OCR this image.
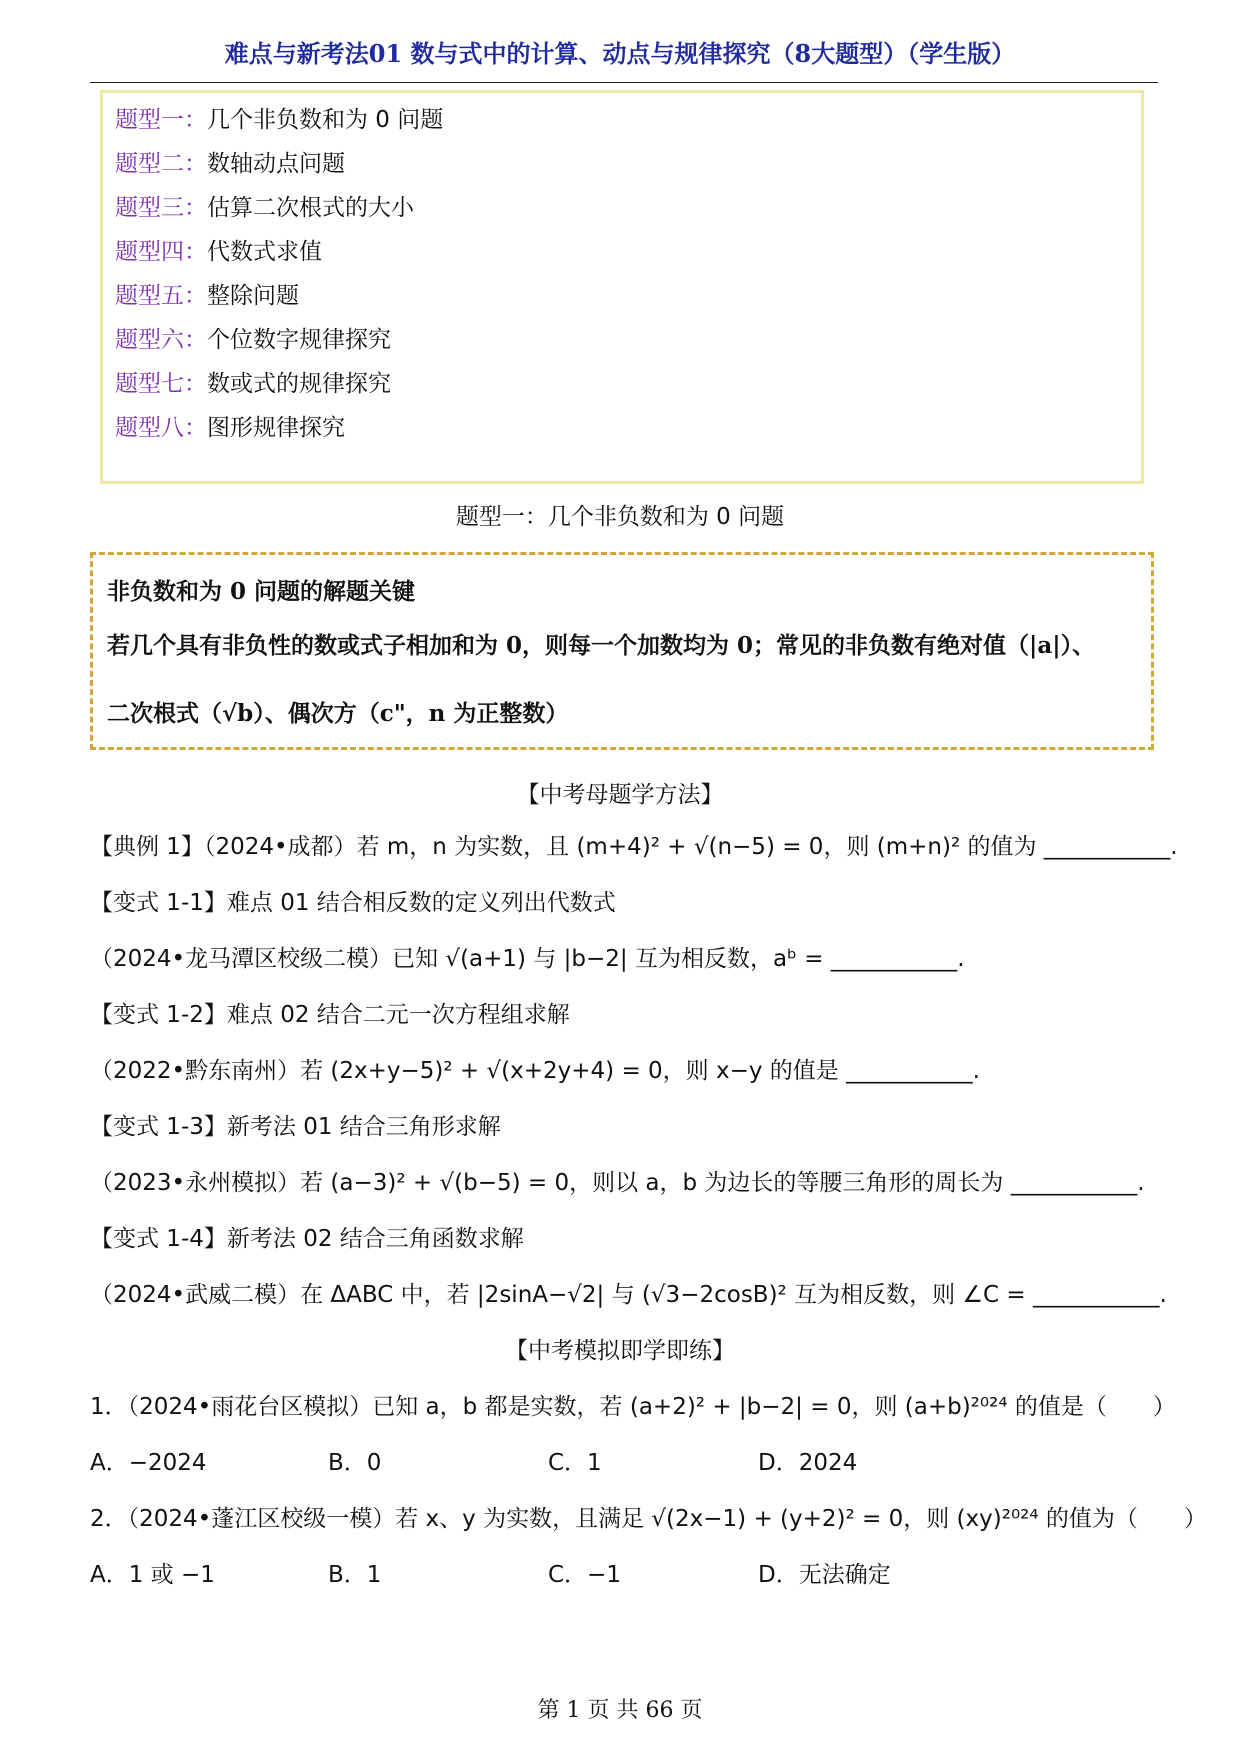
难点与新考法01 数与式中的计算、动点与规律探究（8大题型）（学生版）
题型一：几个非负数和为 0 问题
题型二：数轴动点问题
题型三：估算二次根式的大小
题型四：代数式求值
题型五：整除问题
题型六：个位数字规律探究
题型七：数或式的规律探究
题型八：图形规律探究
题型一：几个非负数和为 0 问题
非负数和为 0 问题的解题关键
若几个具有非负性的数或式子相加和为 0，则每一个加数均为 0；常见的非负数有绝对值（|a|）、
二次根式（√b）、偶次方（c"，n 为正整数）
【中考母题学方法】
【典例 1】（2024•成都）若 m，n 为实数，且 (m+4)² + √(n−5) = 0，则 (m+n)² 的值为 ___________.
【变式 1-1】难点 01 结合相反数的定义列出代数式
（2024•龙马潭区校级二模）已知 √(a+1) 与 |b−2| 互为相反数，aᵇ = ___________.
【变式 1-2】难点 02 结合二元一次方程组求解
（2022•黔东南州）若 (2x+y−5)² + √(x+2y+4) = 0，则 x−y 的值是 ___________.
【变式 1-3】新考法 01 结合三角形求解
（2023•永州模拟）若 (a−3)² + √(b−5) = 0，则以 a，b 为边长的等腰三角形的周长为 ___________.
【变式 1-4】新考法 02 结合三角函数求解
（2024•武威二模）在 ΔABC 中，若 |2sinA−√2| 与 (√3−2cosB)² 互为相反数，则 ∠C = ___________.
【中考模拟即学即练】
1．（2024•雨花台区模拟）已知 a，b 都是实数，若 (a+2)² + |b−2| = 0，则 (a+b)²⁰²⁴ 的值是（　　）
A．−2024	B．0	C．1	D．2024
2．（2024•蓬江区校级一模）若 x、y 为实数，且满足 √(2x−1) + (y+2)² = 0，则 (xy)²⁰²⁴ 的值为（　　）
A．1 或 −1	B．1	C．−1	D．无法确定
第 1 页 共 66 页
